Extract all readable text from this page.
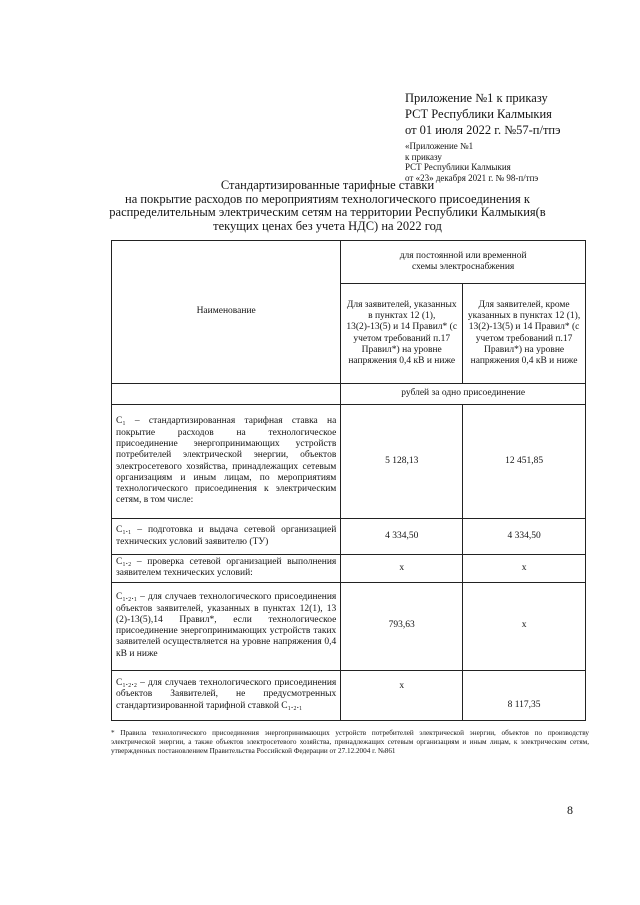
Приложение №1 к приказу

РСТ Республики Калмыкия

от 01 июля 2022 г. №57-п/тпэ

«Приложение №1

к приказу

РСТ Республики Калмыкия

от «23» декабря 2021 г. № 98-п/тпэ

Стандартизированные тарифные ставки

на покрытие расходов по мероприятиям технологического присоединения к

распределительным электрическим сетям на территории Республики Калмыкия(в

текущих ценах без учета НДС) на 2022 год

Наименование	для постоянной или временной схемы электроснабжения	
	Для заявителей, указанных в пунктах 12 (1), 13(2)-13(5) и 14 Правил* (с учетом требований п.17 Правил*) на уровне напряжения 0,4 кВ и ниже	Для заявителей, кроме указанных в пунктах 12 (1), 13(2)-13(5) и 14 Правил* (с учетом требований п.17 Правил*) на уровне напряжения 0,4 кВ и ниже
	рублей за одно присоединение	
С₁ – стандартизированная тарифная ставка на покрытие расходов на технологическое присоединение энергопринимающих устройств потребителей электрической энергии, объектов электросетевого хозяйства, принадлежащих сетевым организациям и иным лицам, по мероприятиям технологического присоединения к электрическим сетям, в том числе:	5 128,13	12 451,85
С₁.₁ – подготовка и выдача сетевой организацией технических условий заявителю (ТУ)	4 334,50	4 334,50
С₁.₂ – проверка сетевой организацией выполнения заявителем технических условий:	х	х
С₁.₂.₁ – для случаев технологического присоединения объектов заявителей, указанных в пунктах 12(1), 13 (2)-13(5),14 Правил*, если технологическое присоединение энергопринимающих устройств таких заявителей осуществляется на уровне напряжения 0,4 кВ и ниже	793,63	х
С₁.₂.₂ – для случаев технологического присоединения объектов Заявителей, не предусмотренных стандартизированной тарифной ставкой С₁.₂.₁	х	8 117,35
* Правила технологического присоединения энергопринимающих устройств потребителей электрической энергии, объектов по производству электрической энергии, а также объектов электросетевого хозяйства, принадлежащих сетевым организациям и иным лицам, к электрическим сетям, утвержденных постановлением Правительства Российской Федерации от 27.12.2004 г. №861
8
